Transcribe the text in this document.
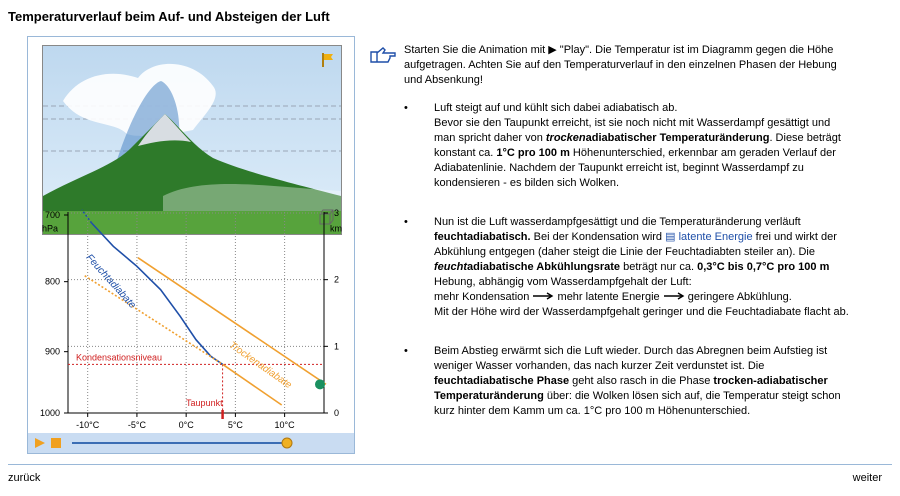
Temperaturverlauf beim Auf- und Absteigen der Luft
-10°C	-5°C	0°C	5°C	10°C
700
800
900
1000
hPa
3
2
1
0
km
Kondensationsniveau
Taupunkt
Feuchtadiabate
Trockenadiabate
Starten Sie die Animation mit ▶ "Play". Die Temperatur ist im Diagramm gegen die Höhe aufgetragen. Achten Sie auf den Temperaturverlauf in den einzelnen Phasen der Hebung und Absenkung!
• Luft steigt auf und kühlt sich dabei adiabatisch ab.
Bevor sie den Taupunkt erreicht, ist sie noch nicht mit Wasserdampf gesättigt und man spricht daher von trockenadiabatischer Temperaturänderung. Diese beträgt konstant ca. 1°C pro 100 m Höhenunterschied, erkennbar am geraden Verlauf der Adiabatenlinie. Nachdem der Taupunkt erreicht ist, beginnt Wasserdampf zu kondensieren - es bilden sich Wolken.
• Nun ist die Luft wasserdampfgesättigt und die Temperaturänderung verläuft feuchtadiabatisch. Bei der Kondensation wird ▤ latente Energie frei und wirkt der Abkühlung entgegen (daher steigt die Linie der Feuchtadiabten steiler an). Die feuchtadiabatische Abkühlungsrate beträgt nur ca. 0,3°C bis 0,7°C pro 100 m Hebung, abhängig vom Wasserdampfgehalt der Luft:
mehr Kondensation	mehr latente Energie	geringere Abkühlung.
Mit der Höhe wird der Wasserdampfgehalt geringer und die Feuchtadiabate flacht ab.
• Beim Abstieg erwärmt sich die Luft wieder. Durch das Abregnen beim Aufstieg ist weniger Wasser vorhanden, das nach kurzer Zeit verdunstet ist. Die feuchtadiabatische Phase geht also rasch in die Phase trocken-adiabatischer Temperaturänderung über: die Wolken lösen sich auf, die Temperatur steigt schon kurz hinter dem Kamm um ca. 1°C pro 100 m Höhenunterschied.
zurück	weiter
